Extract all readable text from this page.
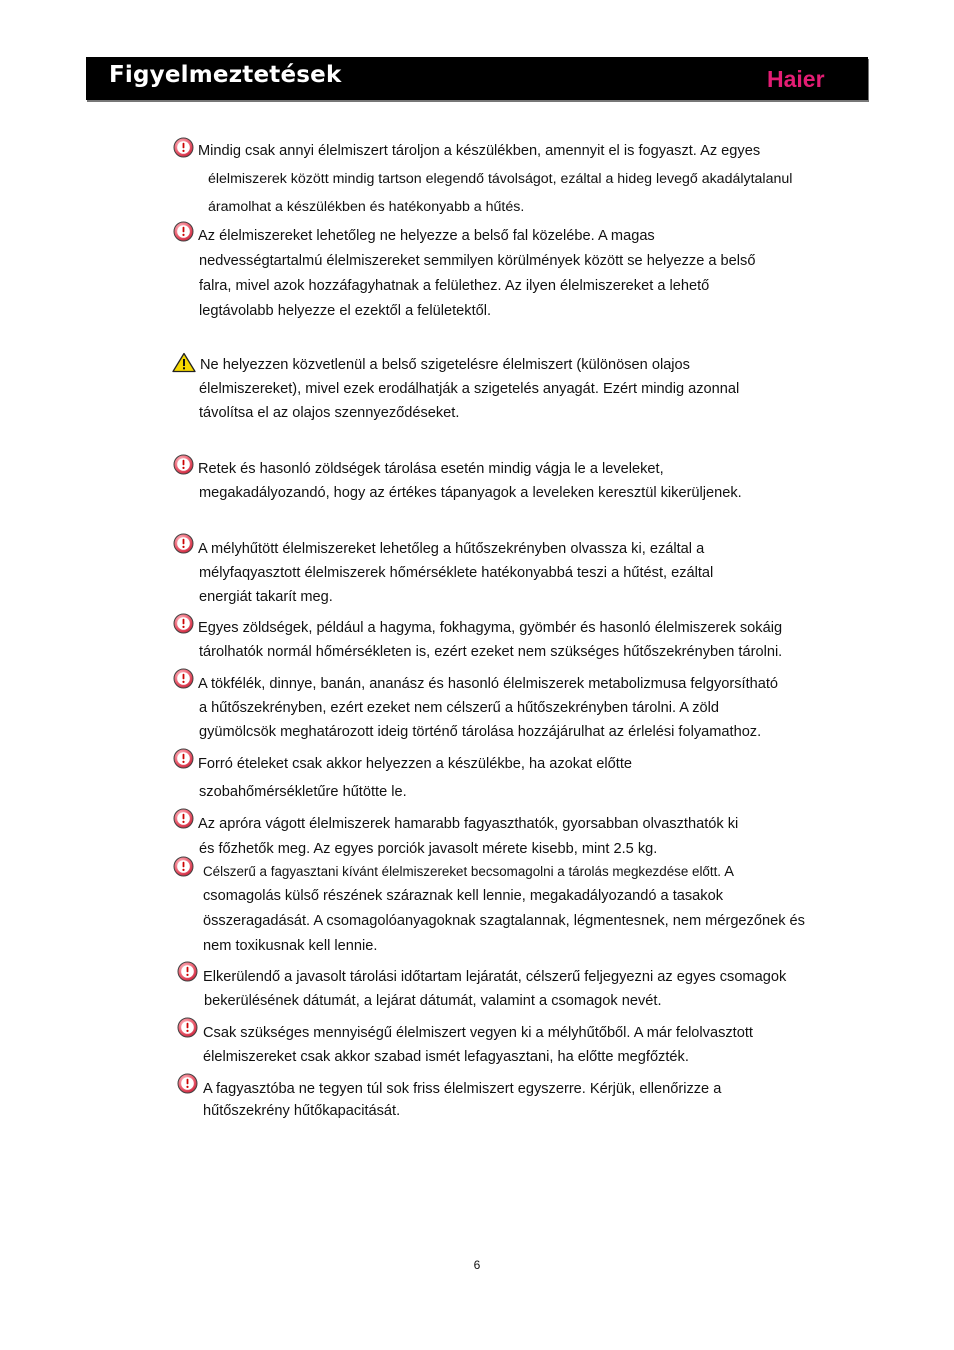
Figyelmeztetések	Haier
Mindig csak annyi élelmiszert tároljon a készülékben, amennyit el is fogyaszt. Az egyes
élelmiszerek között mindig tartson elegendő távolságot, ezáltal a hideg levegő akadálytalanul
áramolhat a készülékben és hatékonyabb a hűtés.
Az élelmiszereket lehetőleg ne helyezze a belső fal közelébe. A magas
nedvességtartalmú élelmiszereket semmilyen körülmények között se helyezze a belső
falra, mivel azok hozzáfagyhatnak a felülethez. Az ilyen élelmiszereket a lehető
legtávolabb helyezze el ezektől a felületektől.
Ne helyezzen közvetlenül a belső szigetelésre élelmiszert (különösen olajos
élelmiszereket), mivel ezek erodálhatják a szigetelés anyagát. Ezért mindig azonnal
távolítsa el az olajos szennyeződéseket.
Retek és hasonló zöldségek tárolása esetén mindig vágja le a leveleket,
megakadályozandó, hogy az értékes tápanyagok a leveleken keresztül kikerüljenek.
A mélyhűtött élelmiszereket lehetőleg a hűtőszekrényben olvassza ki, ezáltal a
mélyfaqyasztott élelmiszerek hőmérséklete hatékonyabbá teszi a hűtést, ezáltal
energiát takarít meg.
Egyes zöldségek, például a hagyma, fokhagyma, gyömbér és hasonló élelmiszerek sokáig
tárolhatók normál hőmérsékleten is, ezért ezeket nem szükséges hűtőszekrényben tárolni.
A tökfélék, dinnye, banán, ananász és hasonló élelmiszerek metabolizmusa felgyorsítható
a hűtőszekrényben, ezért ezeket nem célszerű a hűtőszekrényben tárolni. A zöld
gyümölcsök meghatározott ideig történő tárolása hozzájárulhat az érlelési folyamathoz.
Forró ételeket csak akkor helyezzen a készülékbe, ha azokat előtte
szobahőmérsékletűre hűtötte le.
Az apróra vágott élelmiszerek hamarabb fagyaszthatók, gyorsabban olvaszthatók ki
és főzhetők meg. Az egyes porciók javasolt mérete kisebb, mint 2.5 kg.
Célszerű a fagyasztani kívánt élelmiszereket becsomagolni a tárolás megkezdése előtt. A
csomagolás külső részének száraznak kell lennie, megakadályozandó a tasakok
összeragadását. A csomagolóanyagoknak szagtalannak, légmentesnek, nem mérgezőnek és
nem toxikusnak kell lennie.
Elkerülendő a javasolt tárolási időtartam lejáratát, célszerű feljegyezni az egyes csomagok
bekerülésének dátumát, a lejárat dátumát, valamint a csomagok nevét.
Csak szükséges mennyiségű élelmiszert vegyen ki a mélyhűtőből. A már felolvasztott
élelmiszereket csak akkor szabad ismét lefagyasztani, ha előtte megfőzték.
A fagyasztóba ne tegyen túl sok friss élelmiszert egyszerre. Kérjük, ellenőrizze a
hűtőszekrény hűtőkapacitását.
6
